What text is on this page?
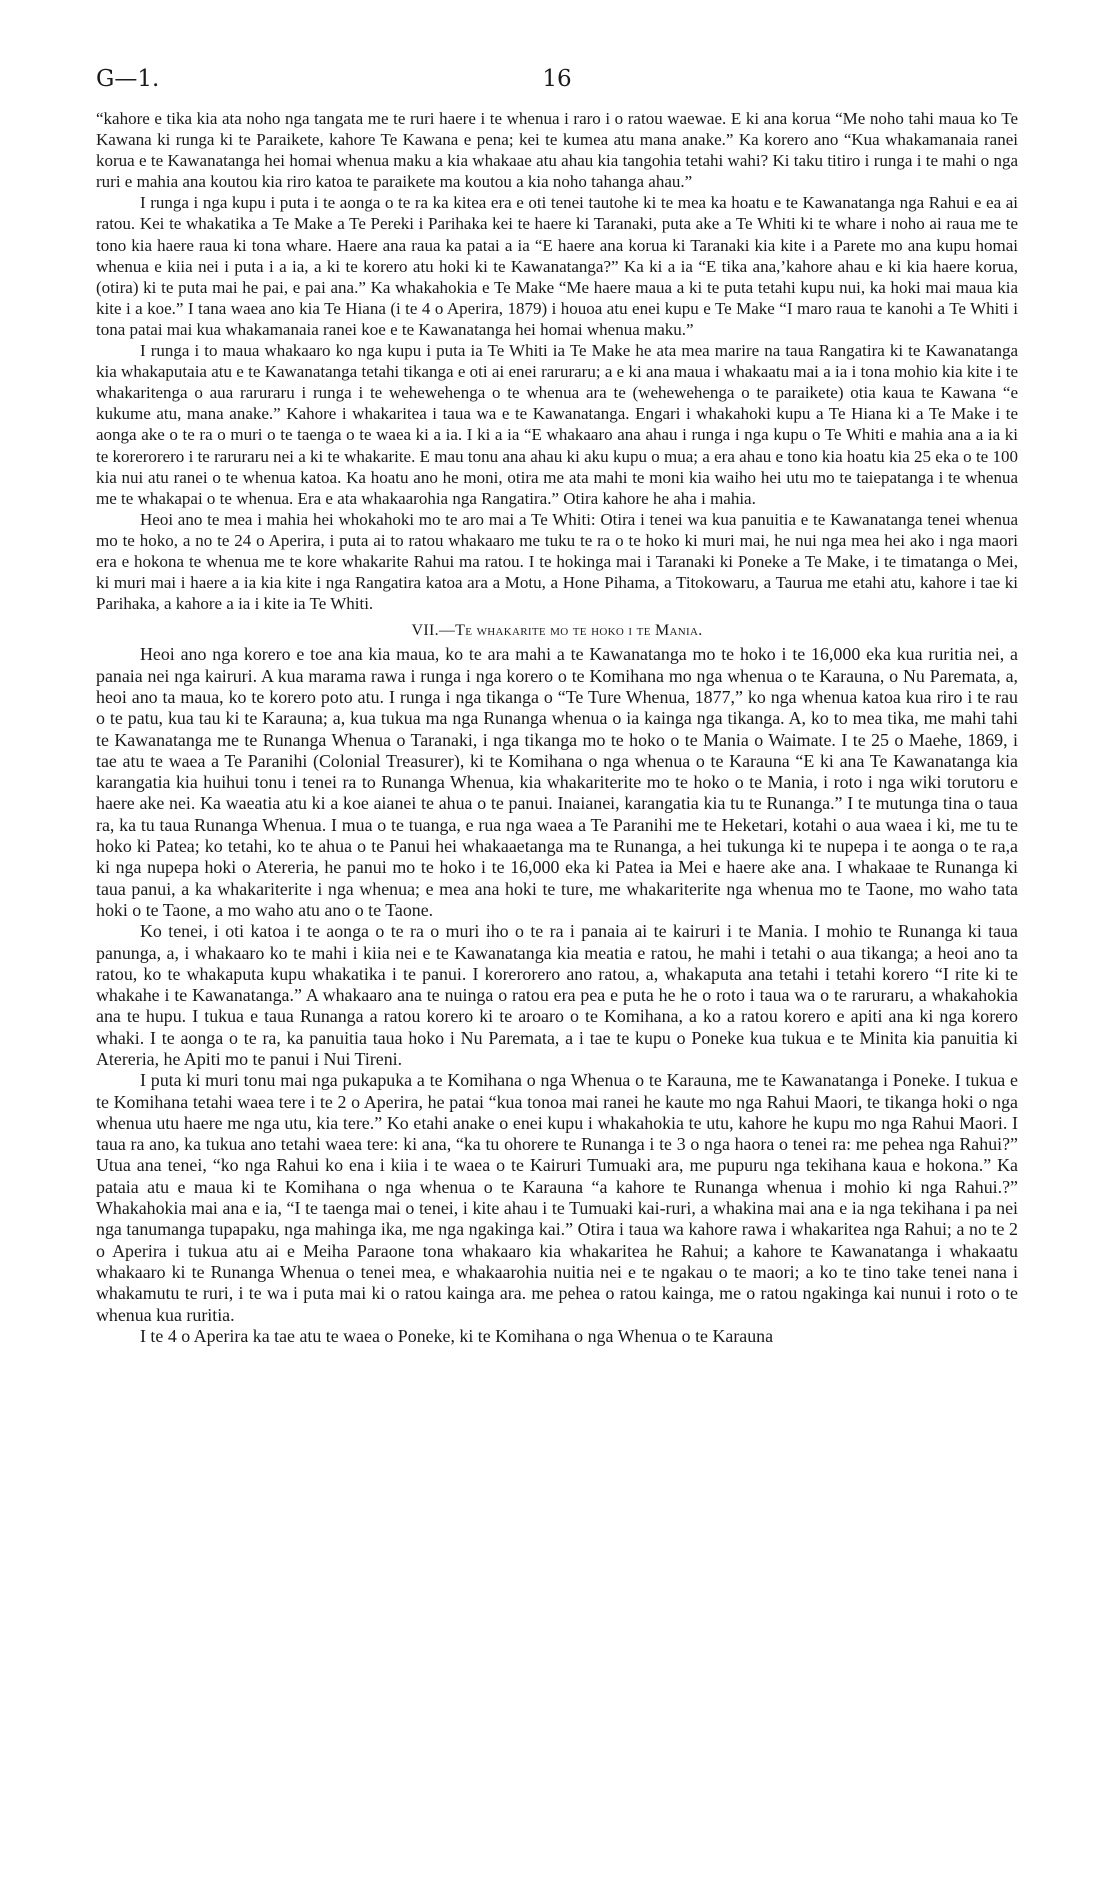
G—1.	16

“kahore e tika kia ata noho nga tangata me te ruri haere i te whenua i raro i o ratou waewae. E ki ana korua “Me noho tahi maua ko Te Kawana ki runga ki te Paraikete, kahore Te Kawana e pena; kei te kumea atu mana anake.” Ka korero ano “Kua whakamanaia ranei korua e te Kawanatanga hei homai whenua maku a kia whakaae atu ahau kia tangohia tetahi wahi? Ki taku titiro i runga i te mahi o nga ruri e mahia ana koutou kia riro katoa te paraikete ma koutou a kia noho tahanga ahau.”

I runga i nga kupu i puta i te aonga o te ra ka kitea era e oti tenei tautohe ki te mea ka hoatu e te Kawanatanga nga Rahui e ea ai ratou. Kei te whakatika a Te Make a Te Pereki i Parihaka kei te haere ki Taranaki, puta ake a Te Whiti ki te whare i noho ai raua me te tono kia haere raua ki tona whare. Haere ana raua ka patai a ia “E haere ana korua ki Taranaki kia kite i a Parete mo ana kupu homai whenua e kiia nei i puta i a ia, a ki te korero atu hoki ki te Kawanatanga?” Ka ki a ia “E tika ana,’kahore ahau e ki kia haere korua, (otira) ki te puta mai he pai, e pai ana.” Ka whakahokia e Te Make “Me haere maua a ki te puta tetahi kupu nui, ka hoki mai maua kia kite i a koe.” I tana waea ano kia Te Hiana (i te 4 o Aperira, 1879) i houoa atu enei kupu e Te Make “I maro raua te kanohi a Te Whiti i tona patai mai kua whakamanaia ranei koe e te Kawanatanga hei homai whenua maku.”

I runga i to maua whakaaro ko nga kupu i puta ia Te Whiti ia Te Make he ata mea marire na taua Rangatira ki te Kawanatanga kia whakaputaia atu e te Kawanatanga tetahi tikanga e oti ai enei raruraru; a e ki ana maua i whakaatu mai a ia i tona mohio kia kite i te whakaritenga o aua raruraru i runga i te wehewehenga o te whenua ara te (wehewehenga o te paraikete) otia kaua te Kawana “e kukume atu, mana anake.” Kahore i whakaritea i taua wa e te Kawanatanga. Engari i whakahoki kupu a Te Hiana ki a Te Make i te aonga ake o te ra o muri o te taenga o te waea ki a ia. I ki a ia “E whakaaro ana ahau i runga i nga kupu o Te Whiti e mahia ana a ia ki te korerorero i te raruraru nei a ki te whakarite. E mau tonu ana ahau ki aku kupu o mua; a era ahau e tono kia hoatu kia 25 eka o te 100 kia nui atu ranei o te whenua katoa. Ka hoatu ano he moni, otira me ata mahi te moni kia waiho hei utu mo te taiepatanga i te whenua me te whakapai o te whenua. Era e ata whakaarohia nga Rangatira.” Otira kahore he aha i mahia.

Heoi ano te mea i mahia hei whokahoki mo te aro mai a Te Whiti: Otira i tenei wa kua panuitia e te Kawanatanga tenei whenua mo te hoko, a no te 24 o Aperira, i puta ai to ratou whakaaro me tuku te ra o te hoko ki muri mai, he nui nga mea hei ako i nga maori era e hokona te whenua me te kore whakarite Rahui ma ratou. I te hokinga mai i Taranaki ki Poneke a Te Make, i te timatanga o Mei, ki muri mai i haere a ia kia kite i nga Rangatira katoa ara a Motu, a Hone Pihama, a Titokowaru, a Taurua me etahi atu, kahore i tae ki Parihaka, a kahore a ia i kite ia Te Whiti.

VII.—Te whakarite mo te hoko i te Mania.

Heoi ano nga korero e toe ana kia maua, ko te ara mahi a te Kawanatanga mo te hoko i te 16,000 eka kua ruritia nei, a panaia nei nga kairuri. A kua marama rawa i runga i nga korero o te Komihana mo nga whenua o te Karauna, o Nu Paremata, a, heoi ano ta maua, ko te korero poto atu. I runga i nga tikanga o “Te Ture Whenua, 1877,” ko nga whenua katoa kua riro i te rau o te patu, kua tau ki te Karauna; a, kua tukua ma nga Runanga whenua o ia kainga nga tikanga. A, ko to mea tika, me mahi tahi te Kawanatanga me te Runanga Whenua o Taranaki, i nga tikanga mo te hoko o te Mania o Waimate. I te 25 o Maehe, 1869, i tae atu te waea a Te Paranihi (Colonial Treasurer), ki te Komihana o nga whenua o te Karauna “E ki ana Te Kawanatanga kia karangatia kia huihui tonu i tenei ra to Runanga Whenua, kia whakariterite mo te hoko o te Mania, i roto i nga wiki torutoru e haere ake nei. Ka waeatia atu ki a koe aianei te ahua o te panui. Inaianei, karangatia kia tu te Runanga.” I te mutunga tina o taua ra, ka tu taua Runanga Whenua. I mua o te tuanga, e rua nga waea a Te Paranihi me te Heketari, kotahi o aua waea i ki, me tu te hoko ki Patea; ko tetahi, ko te ahua o te Panui hei whakaaetanga ma te Runanga, a hei tukunga ki te nupepa i te aonga o te ra,a ki nga nupepa hoki o Atereria, he panui mo te hoko i te 16,000 eka ki Patea ia Mei e haere ake ana. I whakaae te Runanga ki taua panui, a ka whakariterite i nga whenua; e mea ana hoki te ture, me whakariterite nga whenua mo te Taone, mo waho tata hoki o te Taone, a mo waho atu ano o te Taone.

Ko tenei, i oti katoa i te aonga o te ra o muri iho o te ra i panaia ai te kairuri i te Mania. I mohio te Runanga ki taua panunga, a, i whakaaro ko te mahi i kiia nei e te Kawanatanga kia meatia e ratou, he mahi i tetahi o aua tikanga; a heoi ano ta ratou, ko te whakaputa kupu whakatika i te panui. I korerorero ano ratou, a, whakaputa ana tetahi i tetahi korero “I rite ki te whakahe i te Kawanatanga.” A whakaaro ana te nuinga o ratou era pea e puta he he o roto i taua wa o te raruraru, a whakahokia ana te hupu. I tukua e taua Runanga a ratou korero ki te aroaro o te Komihana, a ko a ratou korero e apiti ana ki nga korero whaki. I te aonga o te ra, ka panuitia taua hoko i Nu Paremata, a i tae te kupu o Poneke kua tukua e te Minita kia panuitia ki Atereria, he Apiti mo te panui i Nui Tireni.

I puta ki muri tonu mai nga pukapuka a te Komihana o nga Whenua o te Karauna, me te Kawanatanga i Poneke. I tukua e te Komihana tetahi waea tere i te 2 o Aperira, he patai “kua tonoa mai ranei he kaute mo nga Rahui Maori, te tikanga hoki o nga whenua utu haere me nga utu, kia tere.” Ko etahi anake o enei kupu i whakahokia te utu, kahore he kupu mo nga Rahui Maori. I taua ra ano, ka tukua ano tetahi waea tere: ki ana, “ka tu ohorere te Runanga i te 3 o nga haora o tenei ra: me pehea nga Rahui?” Utua ana tenei, “ko nga Rahui ko ena i kiia i te waea o te Kairuri Tumuaki ara, me pupuru nga tekihana kaua e hokona.” Ka pataia atu e maua ki te Komihana o nga whenua o te Karauna “a kahore te Runanga whenua i mohio ki nga Rahui.?” Whakahokia mai ana e ia, “I te taenga mai o tenei, i kite ahau i te Tumuaki kai-ruri, a whakina mai ana e ia nga tekihana i pa nei nga tanumanga tupapaku, nga mahinga ika, me nga ngakinga kai.” Otira i taua wa kahore rawa i whakaritea nga Rahui; a no te 2 o Aperira i tukua atu ai e Meiha Paraone tona whakaaro kia whakaritea he Rahui; a kahore te Kawanatanga i whakaatu whakaaro ki te Runanga Whenua o tenei mea, e whakaarohia nuitia nei e te ngakau o te maori; a ko te tino take tenei nana i whakamutu te ruri, i te wa i puta mai ki o ratou kainga ara. me pehea o ratou kainga, me o ratou ngakinga kai nunui i roto o te whenua kua ruritia.

I te 4 o Aperira ka tae atu te waea o Poneke, ki te Komihana o nga Whenua o te Karauna
